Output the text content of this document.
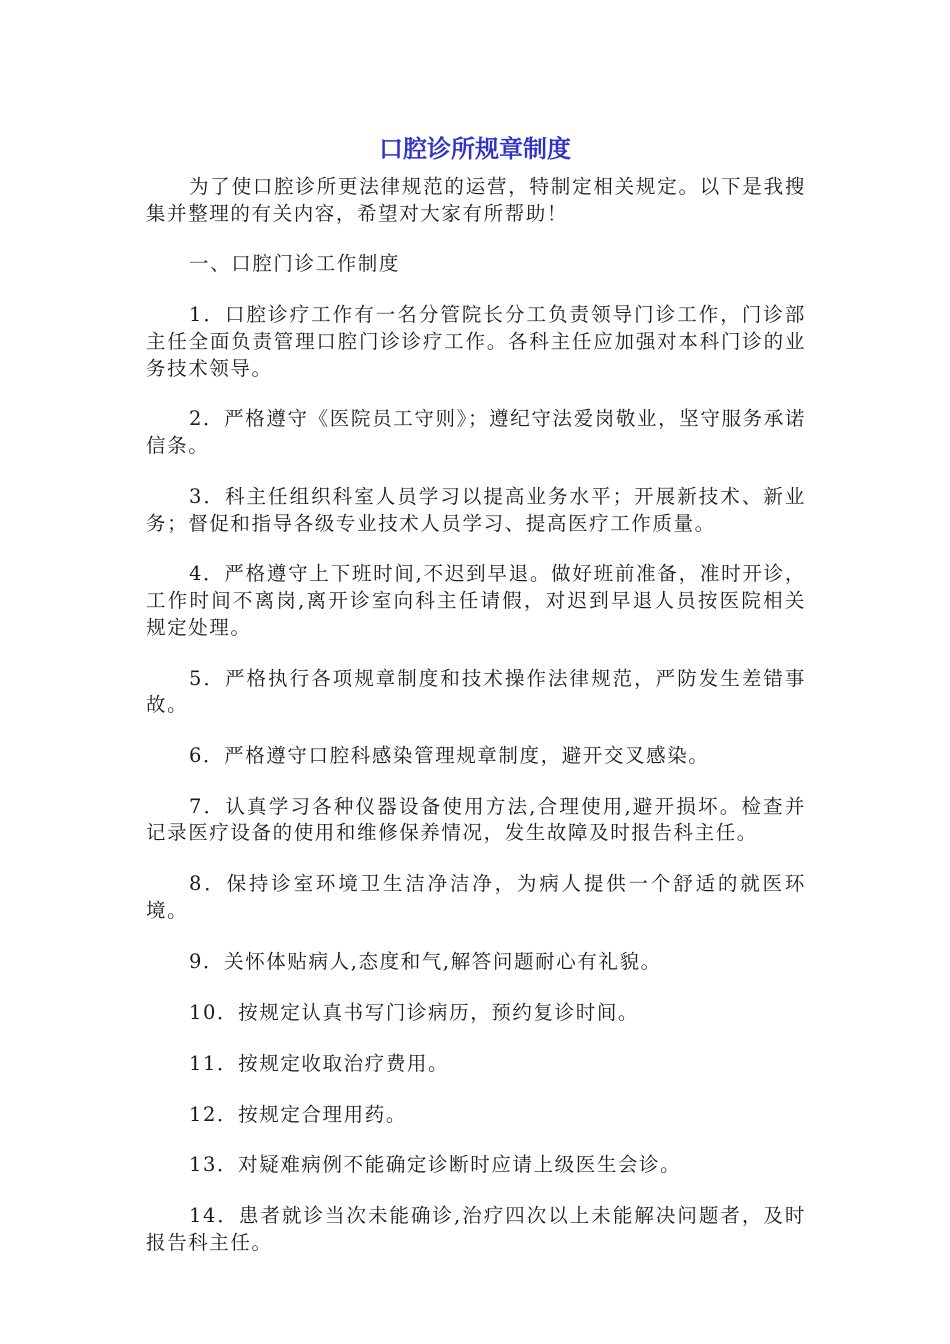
口腔诊所规章制度

为了使口腔诊所更法律规范的运营，特制定相关规定。以下是我搜集并整理的有关内容，希望对大家有所帮助！

一、口腔门诊工作制度

1．口腔诊疗工作有一名分管院长分工负责领导门诊工作，门诊部主任全面负责管理口腔门诊诊疗工作。各科主任应加强对本科门诊的业务技术领导。

2．严格遵守《医院员工守则》；遵纪守法爱岗敬业，坚守服务承诺信条。

3．科主任组织科室人员学习以提高业务水平；开展新技术、新业务；督促和指导各级专业技术人员学习、提高医疗工作质量。

4．严格遵守上下班时间,不迟到早退。做好班前准备，准时开诊，工作时间不离岗,离开诊室向科主任请假，对迟到早退人员按医院相关规定处理。

5．严格执行各项规章制度和技术操作法律规范，严防发生差错事故。

6．严格遵守口腔科感染管理规章制度，避开交叉感染。

7．认真学习各种仪器设备使用方法,合理使用,避开损坏。检查并记录医疗设备的使用和维修保养情况，发生故障及时报告科主任。

8．保持诊室环境卫生洁净洁净，为病人提供一个舒适的就医环境。

9．关怀体贴病人,态度和气,解答问题耐心有礼貌。

10．按规定认真书写门诊病历，预约复诊时间。

11．按规定收取治疗费用。

12．按规定合理用药。

13．对疑难病例不能确定诊断时应请上级医生会诊。

14．患者就诊当次未能确诊,治疗四次以上未能解决问题者，及时报告科主任。
